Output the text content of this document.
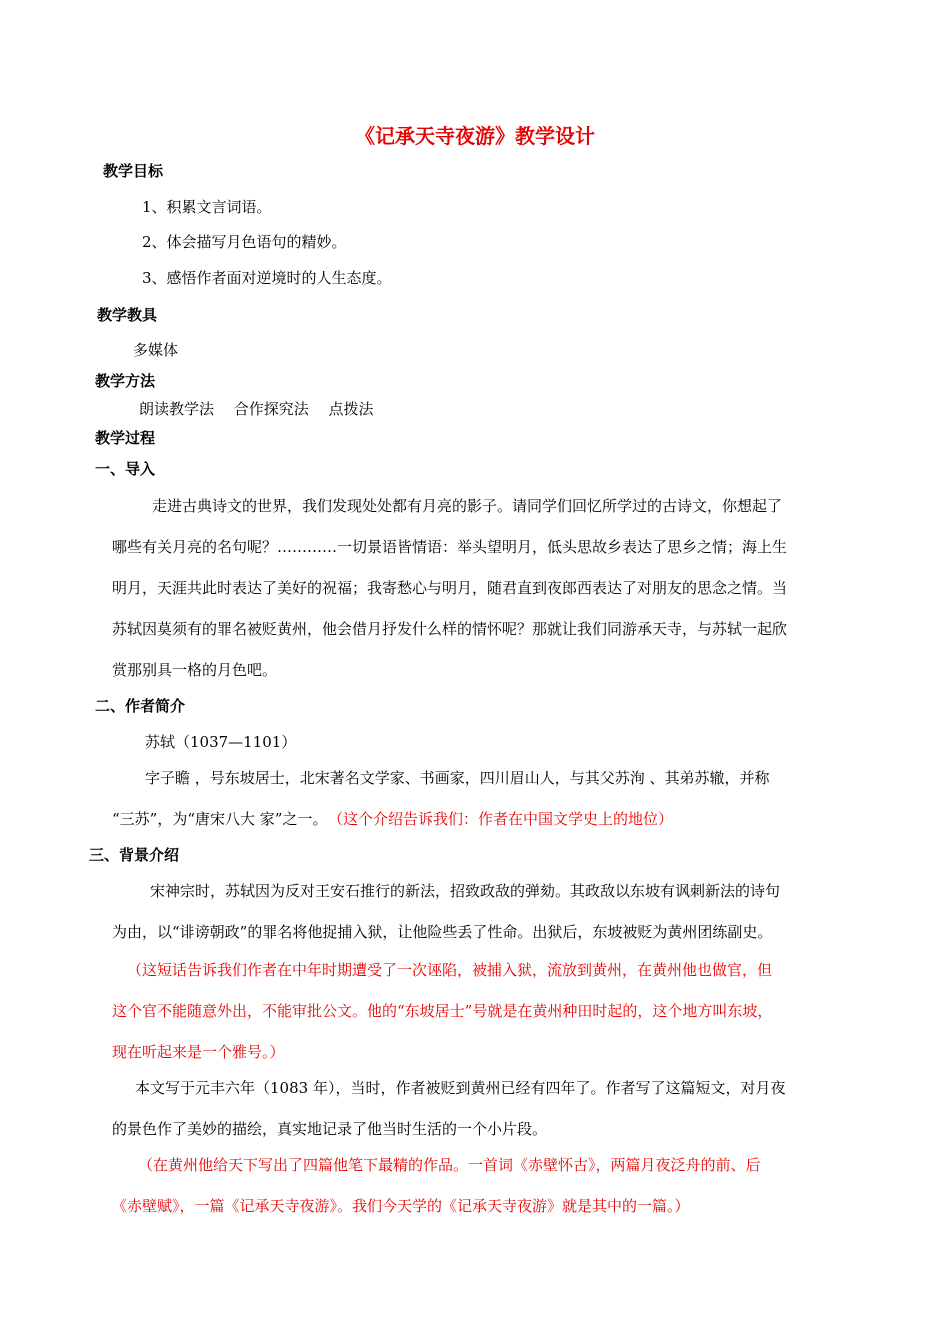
《记承天寺夜游》教学设计
教学目标
1、积累文言词语。
2、体会描写月色语句的精妙。
3、感悟作者面对逆境时的人生态度。
教学教具
多媒体
教学方法
朗读教学法　 合作探究法　 点拨法
教学过程
一、导入
走进古典诗文的世界，我们发现处处都有月亮的影子。请同学们回忆所学过的古诗文，你想起了
哪些有关月亮的名句呢？…………一切景语皆情语：举头望明月，低头思故乡表达了思乡之情；海上生
明月，天涯共此时表达了美好的祝福；我寄愁心与明月，随君直到夜郎西表达了对朋友的思念之情。当
苏轼因莫须有的罪名被贬黄州，他会借月抒发什么样的情怀呢？那就让我们同游承天寺，与苏轼一起欣
赏那别具一格的月色吧。
二、作者简介
苏轼（1037—1101）
字子瞻 ，号东坡居士，北宋著名文学家、书画家，四川眉山人，与其父苏洵 、其弟苏辙，并称
“三苏”，为“唐宋八大 家”之一。 （这个介绍告诉我们：作者在中国文学史上的地位）
三、背景介绍
宋神宗时，苏轼因为反对王安石推行的新法，招致政敌的弹劾。其政敌以东坡有讽刺新法的诗句
为由，以“诽谤朝政”的罪名将他捉捕入狱，让他险些丢了性命。出狱后，东坡被贬为黄州团练副史。
（这短话告诉我们作者在中年时期遭受了一次诬陷，被捕入狱，流放到黄州，在黄州他也做官，但
这个官不能随意外出，不能审批公文。他的“东坡居士”号就是在黄州种田时起的，这个地方叫东坡，
现在听起来是一个雅号。）
本文写于元丰六年（1083 年），当时，作者被贬到黄州已经有四年了。作者写了这篇短文，对月夜
的景色作了美妙的描绘，真实地记录了他当时生活的一个小片段。
（在黄州他给天下写出了四篇他笔下最精的作品。一首词《赤壁怀古》，两篇月夜泛舟的前、后
《赤壁赋》，一篇《记承天寺夜游》。我们今天学的《记承天寺夜游》就是其中的一篇。）
